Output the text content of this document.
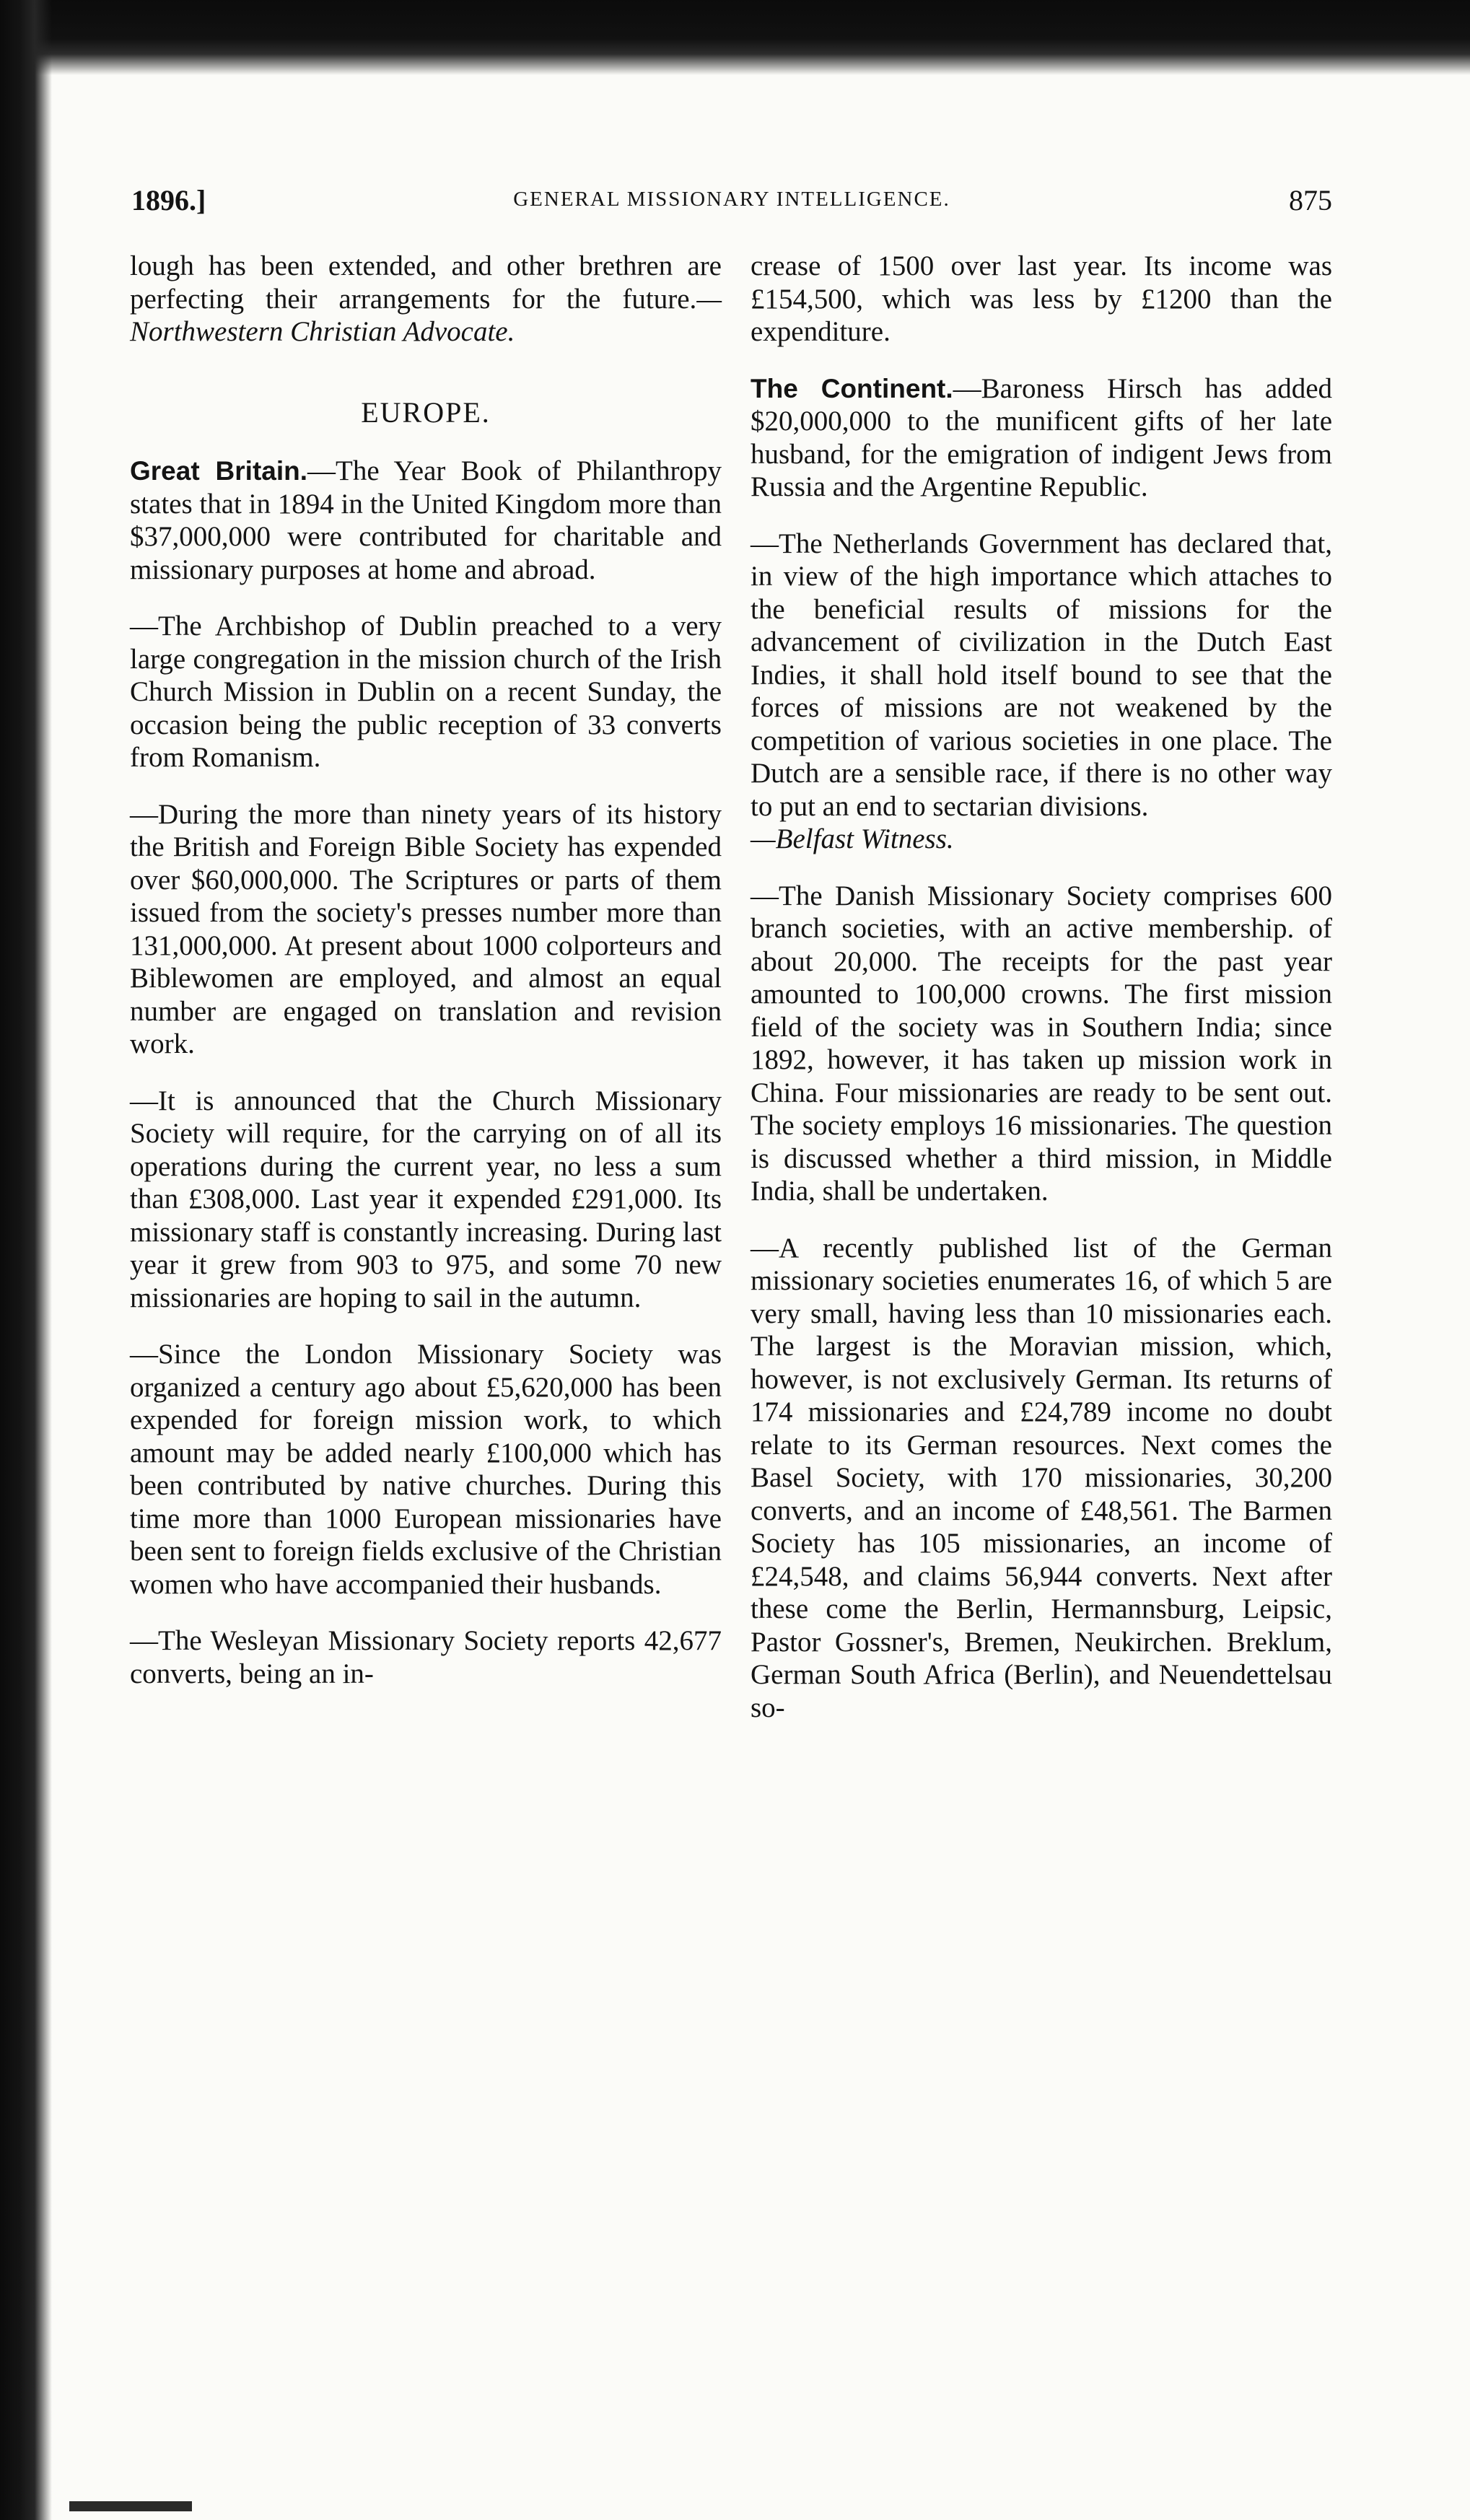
1896.]	GENERAL MISSIONARY INTELLIGENCE.	875

lough has been extended, and other brethren are perfecting their arrangements for the future.—Northwestern Christian Advocate.

EUROPE.

Great Britain.—The Year Book of Philanthropy states that in 1894 in the United Kingdom more than $37,000,000 were contributed for charitable and missionary purposes at home and abroad.

—The Archbishop of Dublin preached to a very large congregation in the mission church of the Irish Church Mission in Dublin on a recent Sunday, the occasion being the public reception of 33 converts from Romanism.

—During the more than ninety years of its history the British and Foreign Bible Society has expended over $60,000,000. The Scriptures or parts of them issued from the society's presses number more than 131,000,000. At present about 1000 colporteurs and Biblewomen are employed, and almost an equal number are engaged on translation and revision work.

—It is announced that the Church Missionary Society will require, for the carrying on of all its operations during the current year, no less a sum than £308,000. Last year it expended £291,000. Its missionary staff is constantly increasing. During last year it grew from 903 to 975, and some 70 new missionaries are hoping to sail in the autumn.

—Since the London Missionary Society was organized a century ago about £5,620,000 has been expended for foreign mission work, to which amount may be added nearly £100,000 which has been contributed by native churches. During this time more than 1000 European missionaries have been sent to foreign fields exclusive of the Christian women who have accompanied their husbands.

—The Wesleyan Missionary Society reports 42,677 converts, being an in-

crease of 1500 over last year. Its income was £154,500, which was less by £1200 than the expenditure.

The Continent.—Baroness Hirsch has added $20,000,000 to the munificent gifts of her late husband, for the emigration of indigent Jews from Russia and the Argentine Republic.

—The Netherlands Government has declared that, in view of the high importance which attaches to the beneficial results of missions for the advancement of civilization in the Dutch East Indies, it shall hold itself bound to see that the forces of missions are not weakened by the competition of various societies in one place. The Dutch are a sensible race, if there is no other way to put an end to sectarian divisions.
—Belfast Witness.

—The Danish Missionary Society comprises 600 branch societies, with an active membership. of about 20,000. The receipts for the past year amounted to 100,000 crowns. The first mission field of the society was in Southern India; since 1892, however, it has taken up mission work in China. Four missionaries are ready to be sent out. The society employs 16 missionaries. The question is discussed whether a third mission, in Middle India, shall be undertaken.

—A recently published list of the German missionary societies enumerates 16, of which 5 are very small, having less than 10 missionaries each. The largest is the Moravian mission, which, however, is not exclusively German. Its returns of 174 missionaries and £24,789 income no doubt relate to its German resources. Next comes the Basel Society, with 170 missionaries, 30,200 converts, and an income of £48,561. The Barmen Society has 105 missionaries, an income of £24,548, and claims 56,944 converts. Next after these come the Berlin, Hermannsburg, Leipsic, Pastor Gossner's, Bremen, Neukirchen. Breklum, German South Africa (Berlin), and Neuendettelsau so-
